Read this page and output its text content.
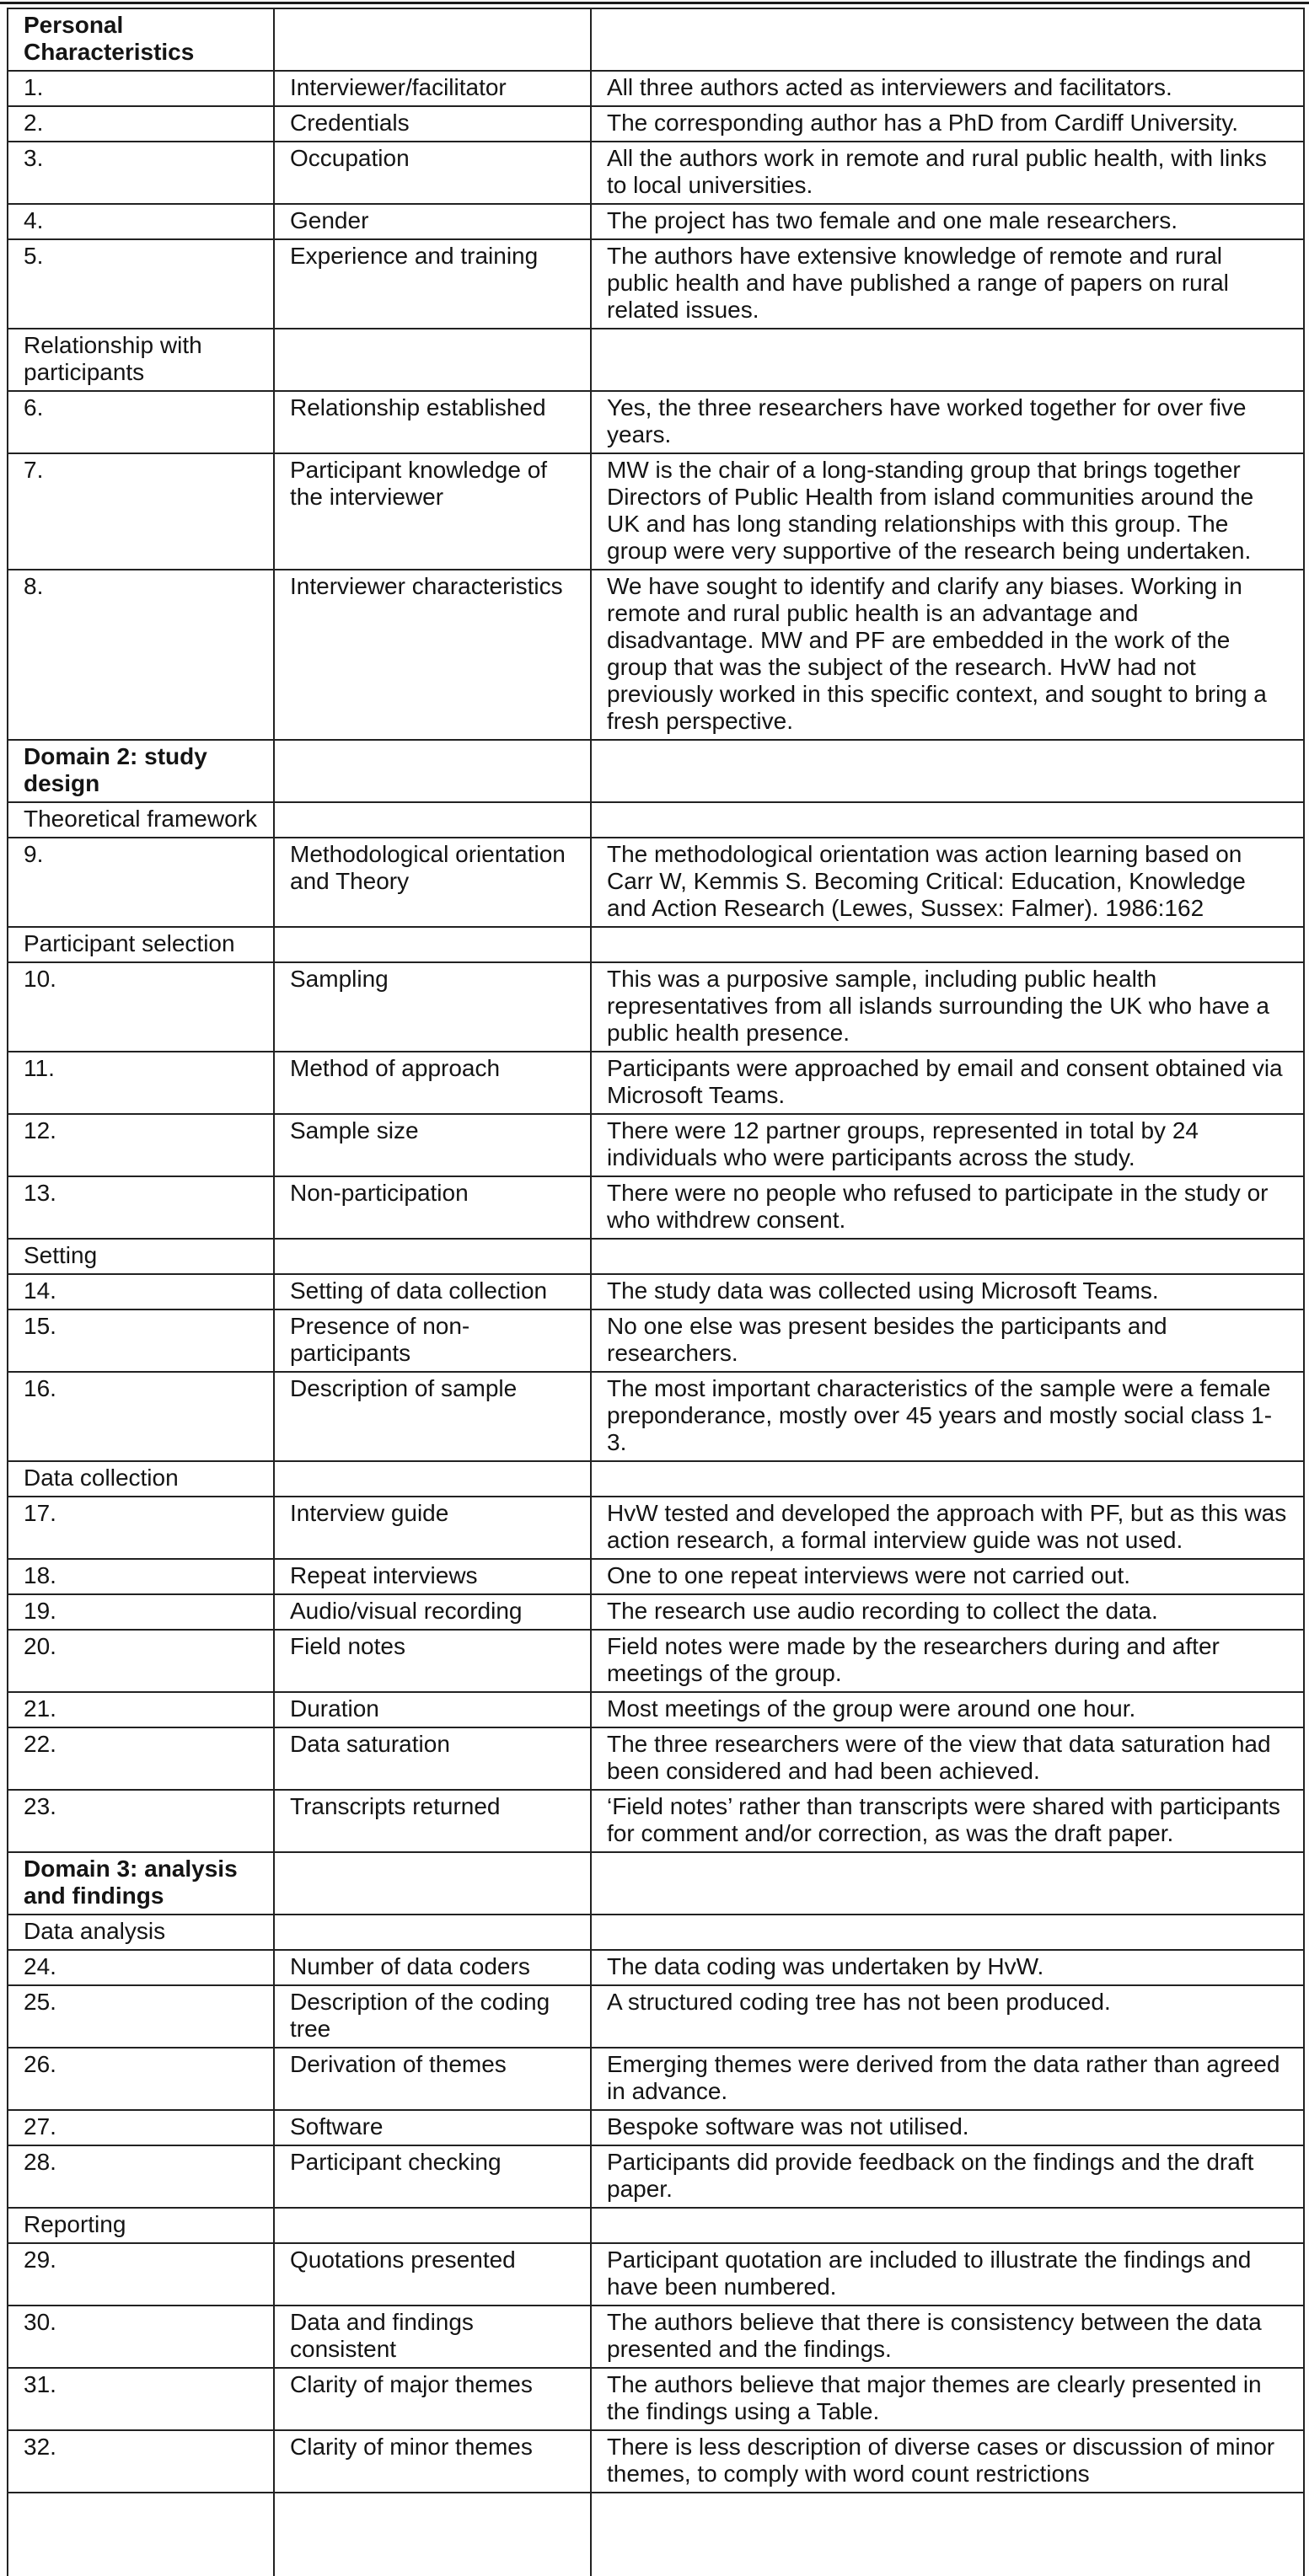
Personal Characteristics		
1.	Interviewer/facilitator	All three authors acted as interviewers and facilitators.
2.	Credentials	The corresponding author has a PhD from Cardiff University.
3.	Occupation	All the authors work in remote and rural public health, with links to local universities.
4.	Gender	The project has two female and one male researchers.
5.	Experience and training	The authors have extensive knowledge of remote and rural public health and have published a range of papers on rural related issues.
Relationship with participants		
6.	Relationship established	Yes, the three researchers have worked together for over five years.
7.	Participant knowledge of the interviewer	MW is the chair of a long-standing group that brings together Directors of Public Health from island communities around the UK and has long standing relationships with this group. The group were very supportive of the research being undertaken.
8.	Interviewer characteristics	We have sought to identify and clarify any biases. Working in remote and rural public health is an advantage and disadvantage. MW and PF are embedded in the work of the group that was the subject of the research. HvW had not previously worked in this specific context, and sought to bring a fresh perspective.
Domain 2: study design		
Theoretical framework		
9.	Methodological orientation and Theory	The methodological orientation was action learning based on Carr W, Kemmis S. Becoming Critical: Education, Knowledge and Action Research (Lewes, Sussex: Falmer). 1986:162
Participant selection		
10.	Sampling	This was a purposive sample, including public health representatives from all islands surrounding the UK who have a public health presence.
11.	Method of approach	Participants were approached by email and consent obtained via Microsoft Teams.
12.	Sample size	There were 12 partner groups, represented in total by 24 individuals who were participants across the study.
13.	Non-participation	There were no people who refused to participate in the study or who withdrew consent.
Setting		
14.	Setting of data collection	The study data was collected using Microsoft Teams.
15.	Presence of non-participants	No one else was present besides the participants and researchers.
16.	Description of sample	The most important characteristics of the sample were a female preponderance, mostly over 45 years and mostly social class 1-3.
Data collection		
17.	Interview guide	HvW tested and developed the approach with PF, but as this was action research, a formal interview guide was not used.
18.	Repeat interviews	One to one repeat interviews were not carried out.
19.	Audio/visual recording	The research use audio recording to collect the data.
20.	Field notes	Field notes were made by the researchers during and after meetings of the group.
21.	Duration	Most meetings of the group were around one hour.
22.	Data saturation	The three researchers were of the view that data saturation had been considered and had been achieved.
23.	Transcripts returned	‘Field notes’ rather than transcripts were shared with participants for comment and/or correction, as was the draft paper.
Domain 3: analysis and findings		
Data analysis		
24.	Number of data coders	The data coding was undertaken by HvW.
25.	Description of the coding tree	A structured coding tree has not been produced.
26.	Derivation of themes	Emerging themes were derived from the data rather than agreed in advance.
27.	Software	Bespoke software was not utilised.
28.	Participant checking	Participants did provide feedback on the findings and the draft paper.
Reporting		
29.	Quotations presented	Participant quotation are included to illustrate the findings and have been numbered.
30.	Data and findings consistent	The authors believe that there is consistency between the data presented and the findings.
31.	Clarity of major themes	The authors believe that major themes are clearly presented in the findings using a Table.
32.	Clarity of minor themes	There is less description of diverse cases or discussion of minor themes, to comply with word count restrictions
